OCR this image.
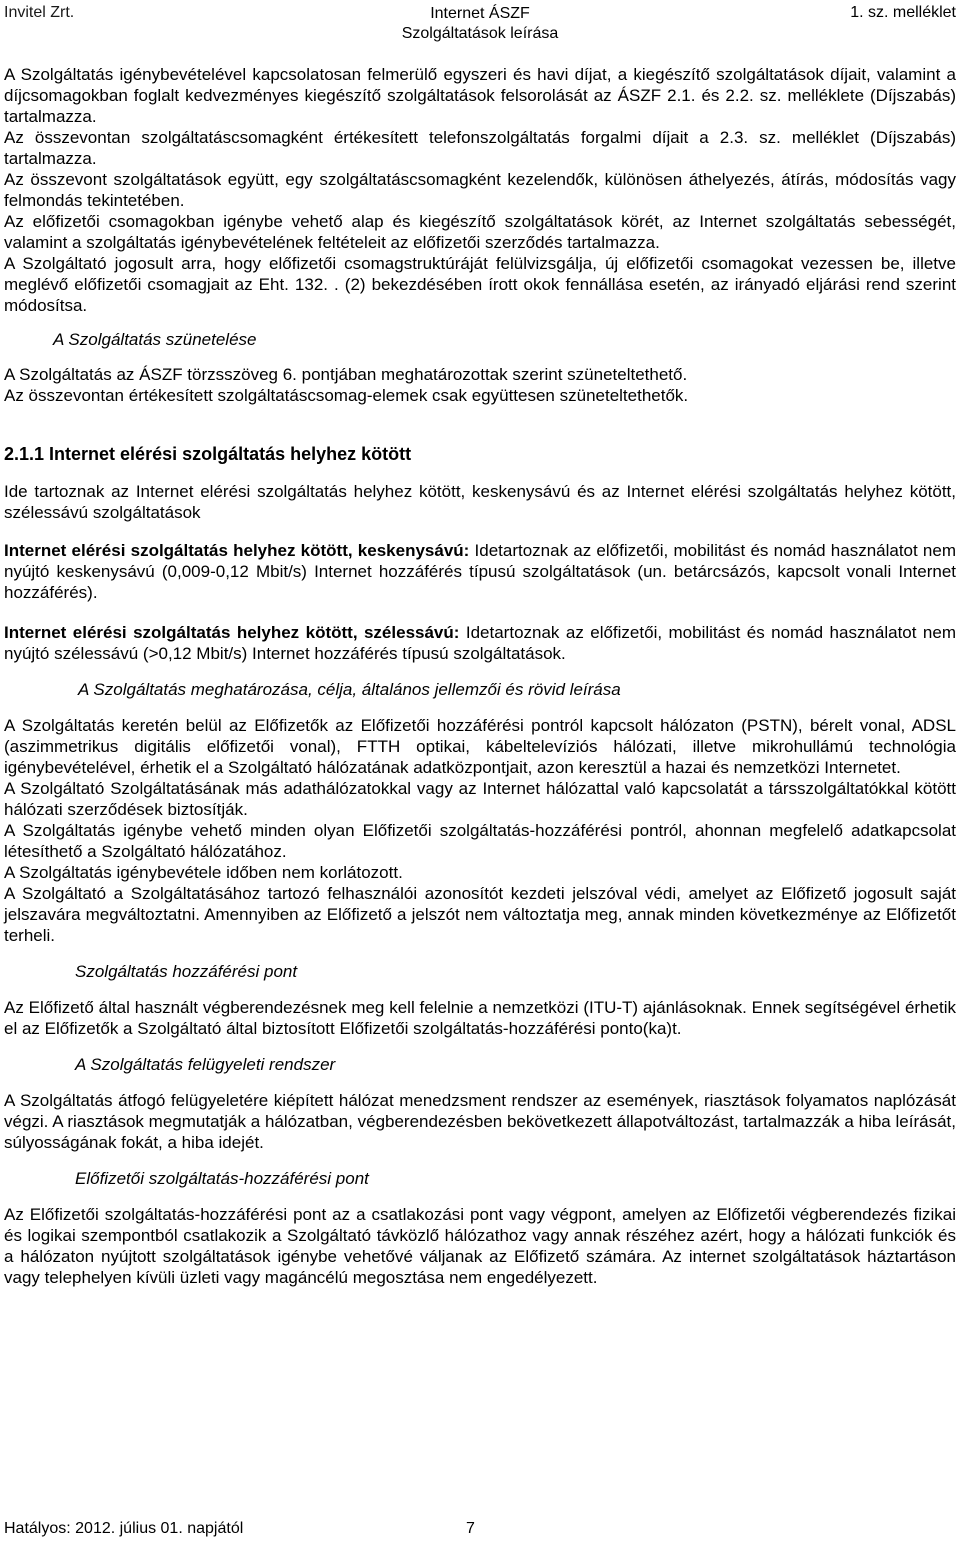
Invitel Zrt.	Internet ÁSZF
Szolgáltatások leírása
1. sz. melléklet

A Szolgáltatás igénybevételével kapcsolatosan felmerülő egyszeri és havi díjat, a kiegészítő szolgáltatások díjait, valamint a díjcsomagokban foglalt kedvezményes kiegészítő szolgáltatások felsorolását az ÁSZF 2.1. és 2.2. sz. melléklete (Díjszabás) tartalmazza.

Az összevontan szolgáltatáscsomagként értékesített telefonszolgáltatás forgalmi díjait a 2.3. sz. melléklet (Díjszabás) tartalmazza.

Az összevont szolgáltatások együtt, egy szolgáltatáscsomagként kezelendők, különösen áthelyezés, átírás, módosítás vagy felmondás tekintetében.

Az előfizetői csomagokban igénybe vehető alap és kiegészítő szolgáltatások körét, az Internet szolgáltatás sebességét, valamint a szolgáltatás igénybevételének feltételeit az előfizetői szerződés tartalmazza.

A Szolgáltató jogosult arra, hogy előfizetői csomagstruktúráját felülvizsgálja, új előfizetői csomagokat vezessen be, illetve meglévő előfizetői csomagjait az Eht. 132. . (2) bekezdésében írott okok fennállása esetén, az irányadó eljárási rend szerint módosítsa.

A Szolgáltatás szünetelése

A Szolgáltatás az ÁSZF törzsszöveg 6. pontjában meghatározottak szerint szüneteltethető.

Az összevontan értékesített szolgáltatáscsomag-elemek csak együttesen szüneteltethetők.

2.1.1 Internet elérési szolgáltatás helyhez kötött

Ide tartoznak az Internet elérési szolgáltatás helyhez kötött, keskenysávú és az Internet elérési szolgáltatás helyhez kötött, szélessávú szolgáltatások

Internet elérési szolgáltatás helyhez kötött, keskenysávú: Idetartoznak az előfizetői, mobilitást és nomád használatot nem nyújtó keskenysávú (0,009-0,12 Mbit/s) Internet hozzáférés típusú szolgáltatások (un. betárcsázós, kapcsolt vonali Internet hozzáférés).

Internet elérési szolgáltatás helyhez kötött, szélessávú: Idetartoznak az előfizetői, mobilitást és nomád használatot nem nyújtó szélessávú (>0,12 Mbit/s) Internet hozzáférés típusú szolgáltatások.

A Szolgáltatás meghatározása, célja, általános jellemzői és rövid leírása

A Szolgáltatás keretén belül az Előfizetők az Előfizetői hozzáférési pontról kapcsolt hálózaton (PSTN), bérelt vonal, ADSL (aszimmetrikus digitális előfizetői vonal), FTTH optikai, kábeltelevíziós hálózati, illetve mikrohullámú technológia igénybevételével, érhetik el a Szolgáltató hálózatának adatközpontjait, azon keresztül a hazai és nemzetközi Internetet.

A Szolgáltató Szolgáltatásának más adathálózatokkal vagy az Internet hálózattal való kapcsolatát a társszolgáltatókkal kötött hálózati szerződések biztosítják.

A Szolgáltatás igénybe vehető minden olyan Előfizetői szolgáltatás-hozzáférési pontról, ahonnan megfelelő adatkapcsolat létesíthető a Szolgáltató hálózatához.

A Szolgáltatás igénybevétele időben nem korlátozott.

A Szolgáltató a Szolgáltatásához tartozó felhasználói azonosítót kezdeti jelszóval védi, amelyet az Előfizető jogosult saját jelszavára megváltoztatni. Amennyiben az Előfizető a jelszót nem változtatja meg, annak minden következménye az Előfizetőt terheli.

Szolgáltatás hozzáférési pont

Az Előfizető által használt végberendezésnek meg kell felelnie a nemzetközi (ITU-T) ajánlásoknak. Ennek segítségével érhetik el az Előfizetők a Szolgáltató által biztosított Előfizetői szolgáltatás-hozzáférési ponto(ka)t.

A Szolgáltatás felügyeleti rendszer

A Szolgáltatás átfogó felügyeletére kiépített hálózat menedzsment rendszer az események, riasztások folyamatos naplózását végzi. A riasztások megmutatják a hálózatban, végberendezésben bekövetkezett állapotváltozást, tartalmazzák a hiba leírását, súlyosságának fokát, a hiba idejét.

Előfizetői szolgáltatás-hozzáférési pont

Az Előfizetői szolgáltatás-hozzáférési pont az a csatlakozási pont vagy végpont, amelyen az Előfizetői végberendezés fizikai és logikai szempontból csatlakozik a Szolgáltató távközlő hálózathoz vagy annak részéhez azért, hogy a hálózati funkciók és a hálózaton nyújtott szolgáltatások igénybe vehetővé váljanak az Előfizető számára. Az internet szolgáltatások háztartáson vagy telephelyen kívüli üzleti vagy magáncélú megosztása nem engedélyezett.

Hatályos: 2012. július 01. napjától	7
